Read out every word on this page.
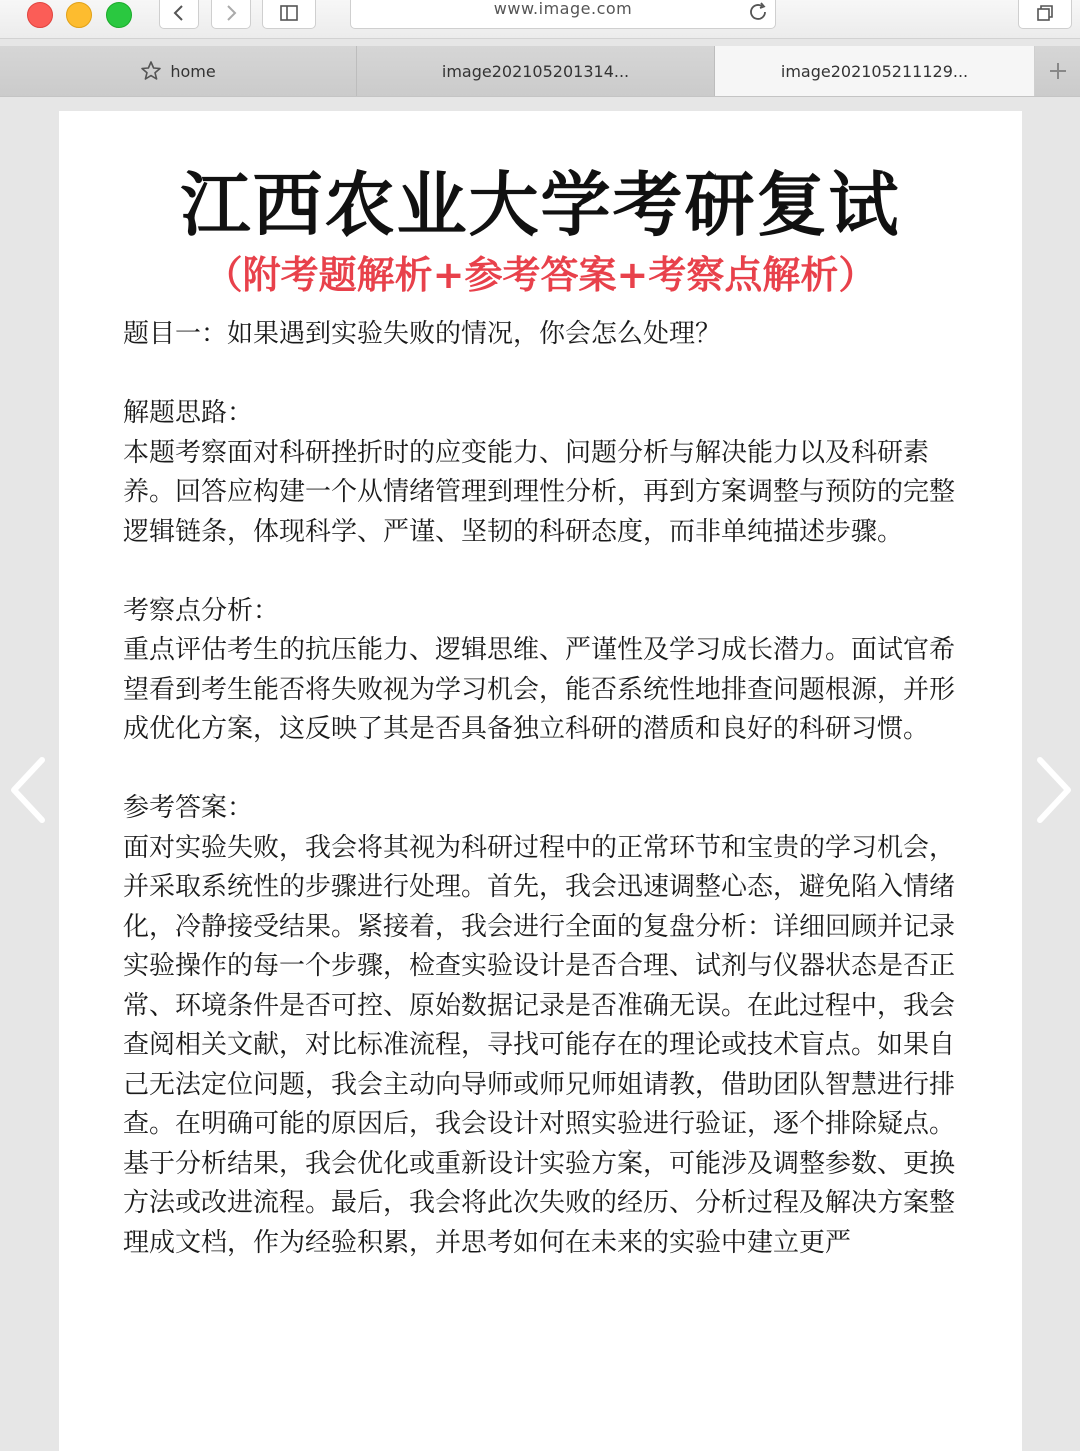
www.image.com
home	image202105201314...	image202105211129...
江西农业大学考研复试
（附考题解析+参考答案+考察点解析）

题目一：如果遇到实验失败的情况，你会怎么处理？

解题思路：

本题考察面对科研挫折时的应变能力、问题分析与解决能力以及科研素养。回答应构建一个从情绪管理到理性分析，再到方案调整与预防的完整逻辑链条，体现科学、严谨、坚韧的科研态度，而非单纯描述步骤。

考察点分析：

重点评估考生的抗压能力、逻辑思维、严谨性及学习成长潜力。面试官希望看到考生能否将失败视为学习机会，能否系统性地排查问题根源，并形成优化方案，这反映了其是否具备独立科研的潜质和良好的科研习惯。

参考答案：

面对实验失败，我会将其视为科研过程中的正常环节和宝贵的学习机会，并采取系统性的步骤进行处理。首先，我会迅速调整心态，避免陷入情绪化，冷静接受结果。紧接着，我会进行全面的复盘分析：详细回顾并记录实验操作的每一个步骤，检查实验设计是否合理、试剂与仪器状态是否正常、环境条件是否可控、原始数据记录是否准确无误。在此过程中，我会查阅相关文献，对比标准流程，寻找可能存在的理论或技术盲点。如果自己无法定位问题，我会主动向导师或师兄师姐请教，借助团队智慧进行排查。在明确可能的原因后，我会设计对照实验进行验证，逐个排除疑点。基于分析结果，我会优化或重新设计实验方案，可能涉及调整参数、更换方法或改进流程。最后，我会将此次失败的经历、分析过程及解决方案整理成文档，作为经验积累，并思考如何在未来的实验中建立更严
